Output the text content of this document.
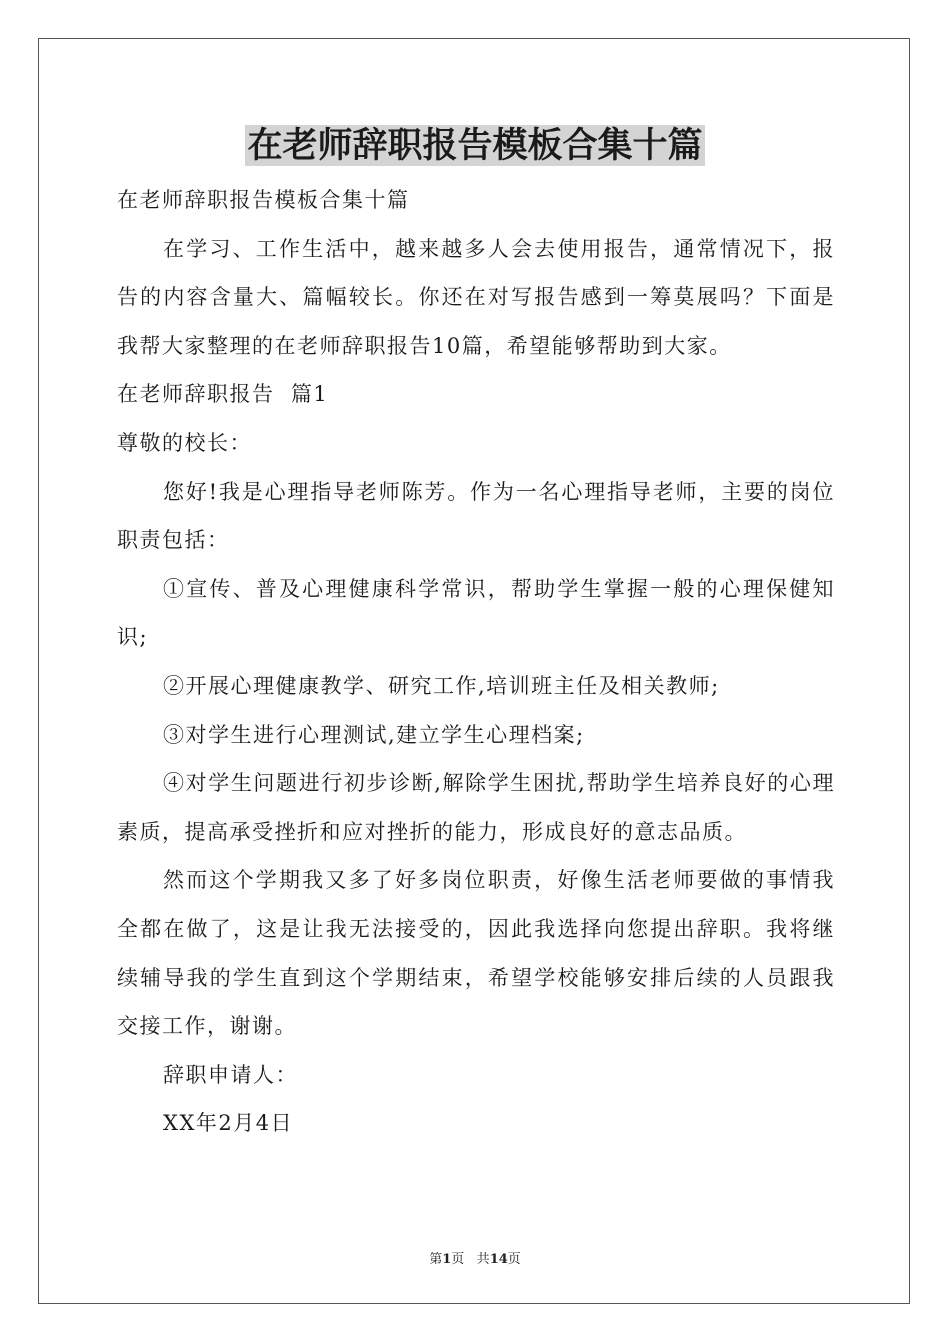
在老师辞职报告模板合集十篇

在老师辞职报告模板合集十篇

在学习、工作生活中，越来越多人会去使用报告，通常情况下，报告的内容含量大、篇幅较长。你还在对写报告感到一筹莫展吗？下面是我帮大家整理的在老师辞职报告10篇，希望能够帮助到大家。

在老师辞职报告  篇1

尊敬的校长：

您好!我是心理指导老师陈芳。作为一名心理指导老师，主要的岗位职责包括：

①宣传、普及心理健康科学常识，帮助学生掌握一般的心理保健知识;

②开展心理健康教学、研究工作,培训班主任及相关教师;

③对学生进行心理测试,建立学生心理档案;

④对学生问题进行初步诊断,解除学生困扰,帮助学生培养良好的心理素质，提高承受挫折和应对挫折的能力，形成良好的意志品质。

然而这个学期我又多了好多岗位职责，好像生活老师要做的事情我全都在做了，这是让我无法接受的，因此我选择向您提出辞职。我将继续辅导我的学生直到这个学期结束，希望学校能够安排后续的人员跟我交接工作，谢谢。

辞职申请人：

XX年2月4日

第1页 共14页
